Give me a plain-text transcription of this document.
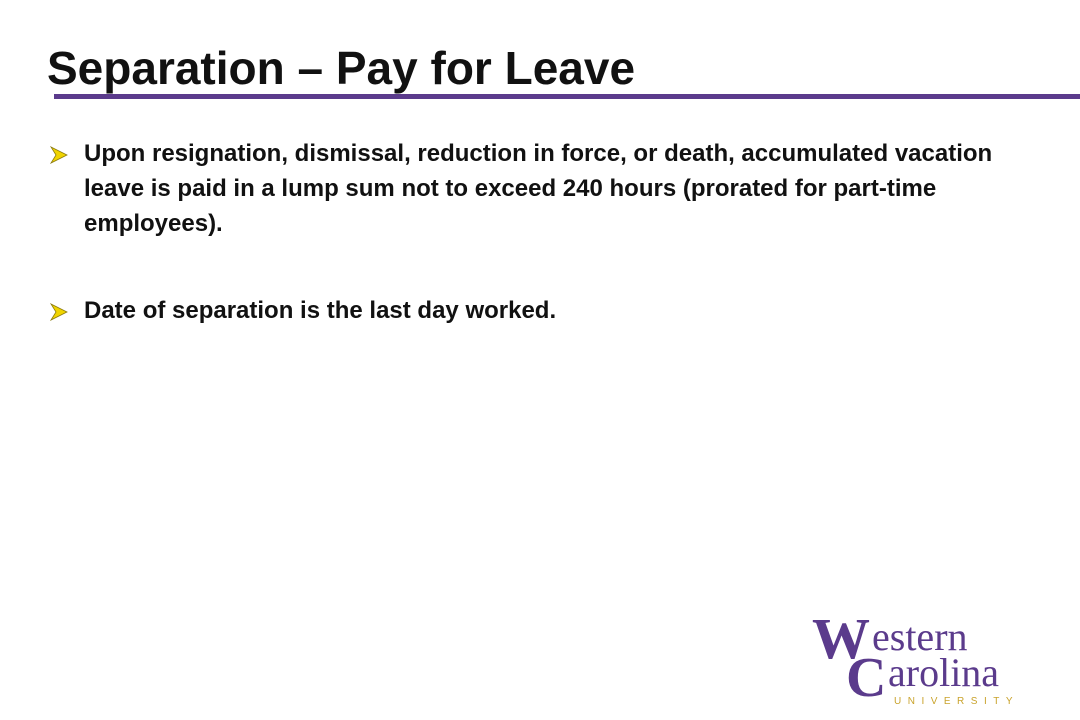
Separation – Pay for Leave
Upon resignation, dismissal, reduction in force, or death, accumulated vacation leave is paid in a lump sum not to exceed 240 hours (prorated for part-time employees).
Date of separation is the last day worked.
W estern
C arolina
UNIVERSITY
